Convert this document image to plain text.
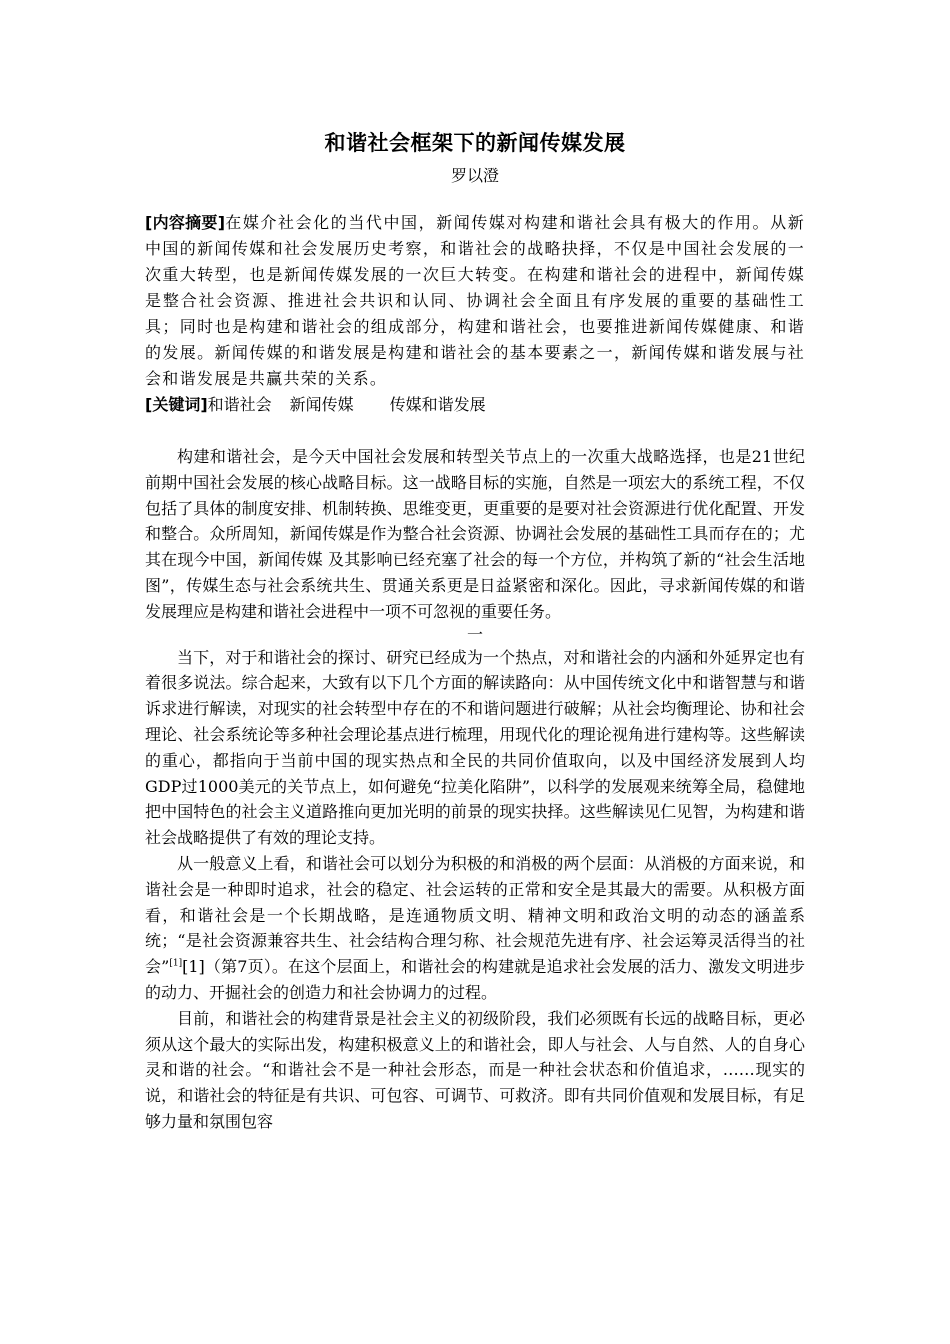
和谐社会框架下的新闻传媒发展
罗以澄

[内容摘要]在媒介社会化的当代中国，新闻传媒对构建和谐社会具有极大的作用。从新中国的新闻传媒和社会发展历史考察，和谐社会的战略抉择，不仅是中国社会发展的一次重大转型，也是新闻传媒发展的一次巨大转变。在构建和谐社会的进程中，新闻传媒是整合社会资源、推进社会共识和认同、协调社会全面且有序发展的重要的基础性工具；同时也是构建和谐社会的组成部分，构建和谐社会，也要推进新闻传媒健康、和谐的发展。新闻传媒的和谐发展是构建和谐社会的基本要素之一，新闻传媒和谐发展与社会和谐发展是共赢共荣的关系。

[关键词]和谐社会 新闻传媒 传媒和谐发展

构建和谐社会，是今天中国社会发展和转型关节点上的一次重大战略选择，也是21世纪前期中国社会发展的核心战略目标。这一战略目标的实施，自然是一项宏大的系统工程，不仅包括了具体的制度安排、机制转换、思维变更，更重要的是要对社会资源进行优化配置、开发和整合。众所周知，新闻传媒是作为整合社会资源、协调社会发展的基础性工具而存在的；尤其在现今中国，新闻传媒 及其影响已经充塞了社会的每一个方位，并构筑了新的“社会生活地图”，传媒生态与社会系统共生、贯通关系更是日益紧密和深化。因此，寻求新闻传媒的和谐发展理应是构建和谐社会进程中一项不可忽视的重要任务。

一

当下，对于和谐社会的探讨、研究已经成为一个热点，对和谐社会的内涵和外延界定也有着很多说法。综合起来，大致有以下几个方面的解读路向：从中国传统文化中和谐智慧与和谐诉求进行解读，对现实的社会转型中存在的不和谐问题进行破解；从社会均衡理论、协和社会理论、社会系统论等多种社会理论基点进行梳理，用现代化的理论视角进行建构等。这些解读的重心，都指向于当前中国的现实热点和全民的共同价值取向，以及中国经济发展到人均GDP过1000美元的关节点上，如何避免“拉美化陷阱”，以科学的发展观来统筹全局，稳健地把中国特色的社会主义道路推向更加光明的前景的现实抉择。这些解读见仁见智，为构建和谐社会战略提供了有效的理论支持。

从一般意义上看，和谐社会可以划分为积极的和消极的两个层面：从消极的方面来说，和谐社会是一种即时追求，社会的稳定、社会运转的正常和安全是其最大的需要。从积极方面看，和谐社会是一个长期战略，是连通物质文明、精神文明和政治文明的动态的涵盖系统；“是社会资源兼容共生、社会结构合理匀称、社会规范先进有序、社会运筹灵活得当的社会”[1][1]（第7页）。在这个层面上，和谐社会的构建就是追求社会发展的活力、激发文明进步的动力、开掘社会的创造力和社会协调力的过程。

目前，和谐社会的构建背景是社会主义的初级阶段，我们必须既有长远的战略目标，更必须从这个最大的实际出发，构建积极意义上的和谐社会，即人与社会、人与自然、人的自身心灵和谐的社会。“和谐社会不是一种社会形态，而是一种社会状态和价值追求，……现实的说，和谐社会的特征是有共识、可包容、可调节、可救济。即有共同价值观和发展目标，有足够力量和氛围包容
